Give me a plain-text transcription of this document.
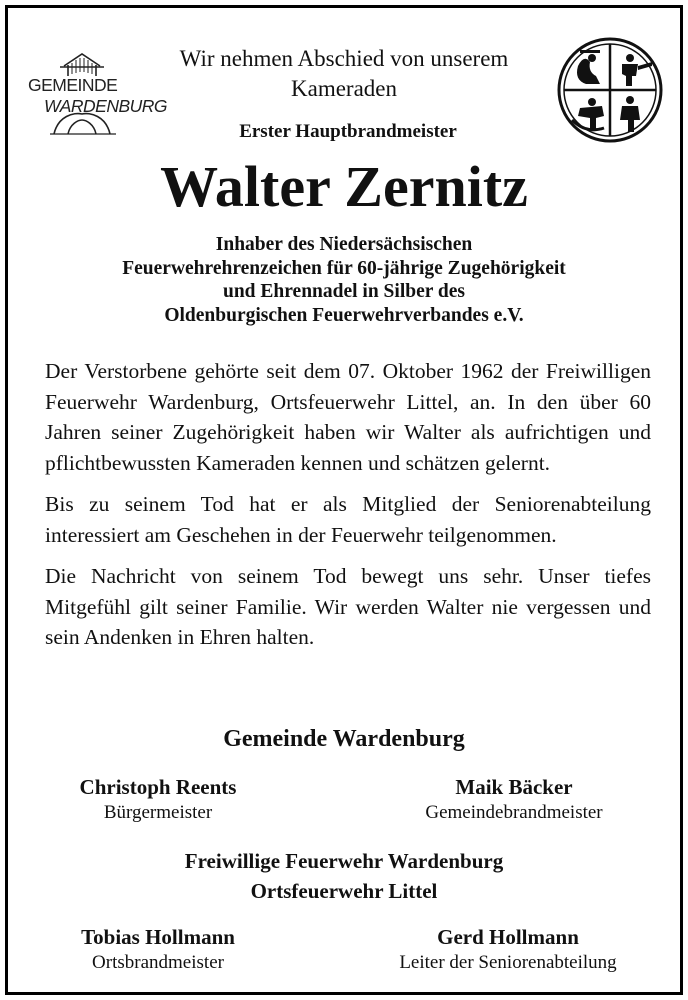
GEMEINDE
WARDENBURG
Wir nehmen Abschied von unserem
Kameraden
Erster Hauptbrandmeister
Walter Zernitz
Inhaber des Niedersächsischen
Feuerwehrehrenzeichen für 60-jährige Zugehörigkeit
und Ehrennadel in Silber des
Oldenburgischen Feuerwehrverbandes e.V.

Der Verstorbene gehörte seit dem 07. Oktober 1962 der Freiwilligen Feuerwehr Wardenburg, Ortsfeuerwehr Littel, an. In den über 60 Jahren seiner Zugehörigkeit haben wir Walter als aufrichtigen und pflichtbewussten Kameraden kennen und schätzen gelernt.

Bis zu seinem Tod hat er als Mitglied der Seniorenabteilung interessiert am Geschehen in der Feuerwehr teilgenommen.

Die Nachricht von seinem Tod bewegt uns sehr. Unser tiefes Mitgefühl gilt seiner Familie. Wir werden Walter nie vergessen und sein Andenken in Ehren halten.

Gemeinde Wardenburg
Christoph Reents
Bürgermeister
Maik Bäcker
Gemeindebrandmeister
Freiwillige Feuerwehr Wardenburg
Ortsfeuerwehr Littel
Tobias Hollmann
Ortsbrandmeister
Gerd Hollmann
Leiter der Seniorenabteilung
